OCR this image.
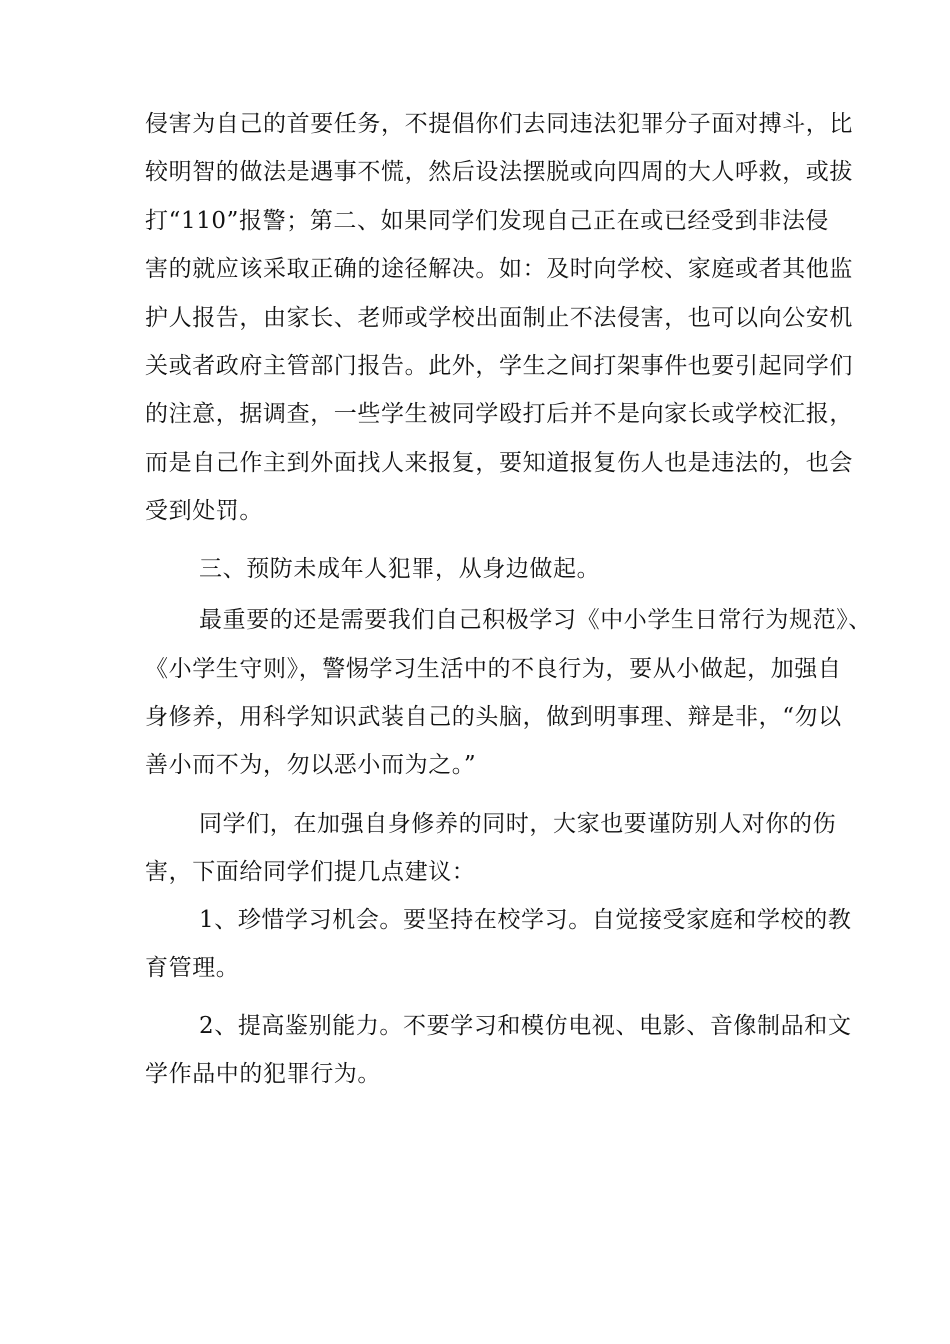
侵害为自己的首要任务，不提倡你们去同违法犯罪分子面对搏斗，比
较明智的做法是遇事不慌，然后设法摆脱或向四周的大人呼救，或拔
打“110”报警；第二、如果同学们发现自己正在或已经受到非法侵
害的就应该采取正确的途径解决。如：及时向学校、家庭或者其他监
护人报告，由家长、老师或学校出面制止不法侵害，也可以向公安机
关或者政府主管部门报告。此外，学生之间打架事件也要引起同学们
的注意，据调查，一些学生被同学殴打后并不是向家长或学校汇报，
而是自己作主到外面找人来报复，要知道报复伤人也是违法的，也会
受到处罚。
三、预防未成年人犯罪，从身边做起。
最重要的还是需要我们自己积极学习《中小学生日常行为规范》、
《小学生守则》，警惕学习生活中的不良行为，要从小做起，加强自
身修养，用科学知识武装自己的头脑，做到明事理、辩是非，“勿以
善小而不为，勿以恶小而为之。”
同学们，在加强自身修养的同时，大家也要谨防别人对你的伤
害，下面给同学们提几点建议：
1、珍惜学习机会。要坚持在校学习。自觉接受家庭和学校的教
育管理。
2、提高鉴别能力。不要学习和模仿电视、电影、音像制品和文
学作品中的犯罪行为。
